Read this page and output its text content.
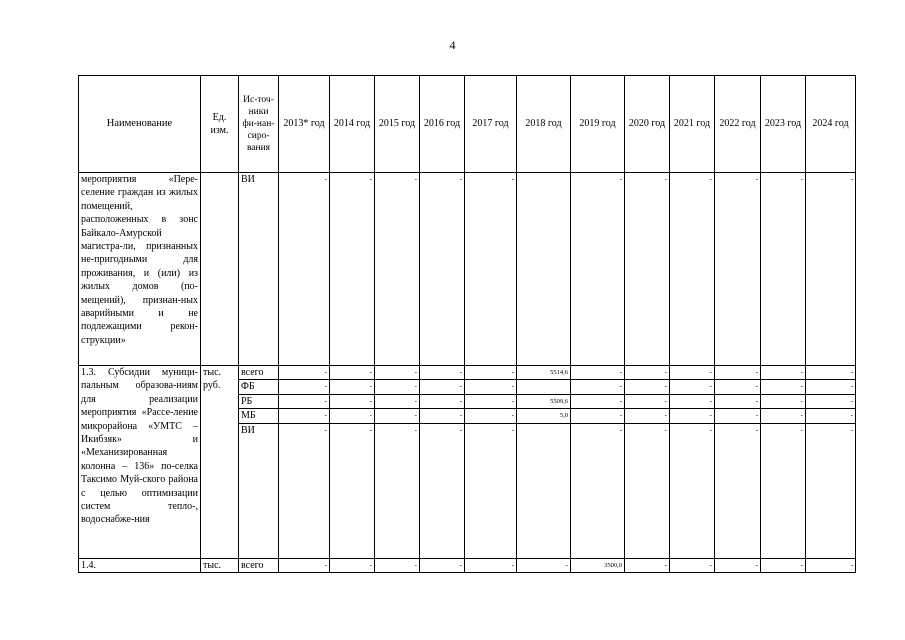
4
Наименование	Ед. изм.	Ис-точ-ники фи-нан-сиро-вания	2013* год	2014 год	2015 год	2016 год	2017 год	2018 год	2019 год	2020 год	2021 год	2022 год	2023 год	2024 год
мероприятия «Пере-селение граждан из жилых помещений, расположенных в зонс Байкало-Амурской магистра-ли, признанных не-пригодными для проживания, и (или) из жилых домов (по-мещений), признан-ных аварийными и не подлежащими рекон-струкции»		ВИ	-	-	-	-	-		-	-	-	-	-	-
1.3. Субсидии муници-пальным образова-ниям для реализации мероприятия «Рассе-ление микрорайона «УМТС – Икибзяк» и «Механизированная колонна – 136» по-селка Таксимо Муй-ского района с целью оптимизации систем тепло-, водоснабже-ния	тыс. руб.	всего	-	-	-	-	-	5514,6	-	-	-	-	-	-
		ФБ	-	-	-	-	-		-	-	-	-	-	-
		РБ	-	-	-	-	-	5509,6	-	-	-	-	-	-
		МБ	-	-	-	-	-	5,0	-	-	-	-	-	-
		ВИ	-	-	-	-	-		-	-	-	-	-	-
1.4.	тыс.	всего	-	-	-	-	-	-	3500,0	-	-	-	-	-
